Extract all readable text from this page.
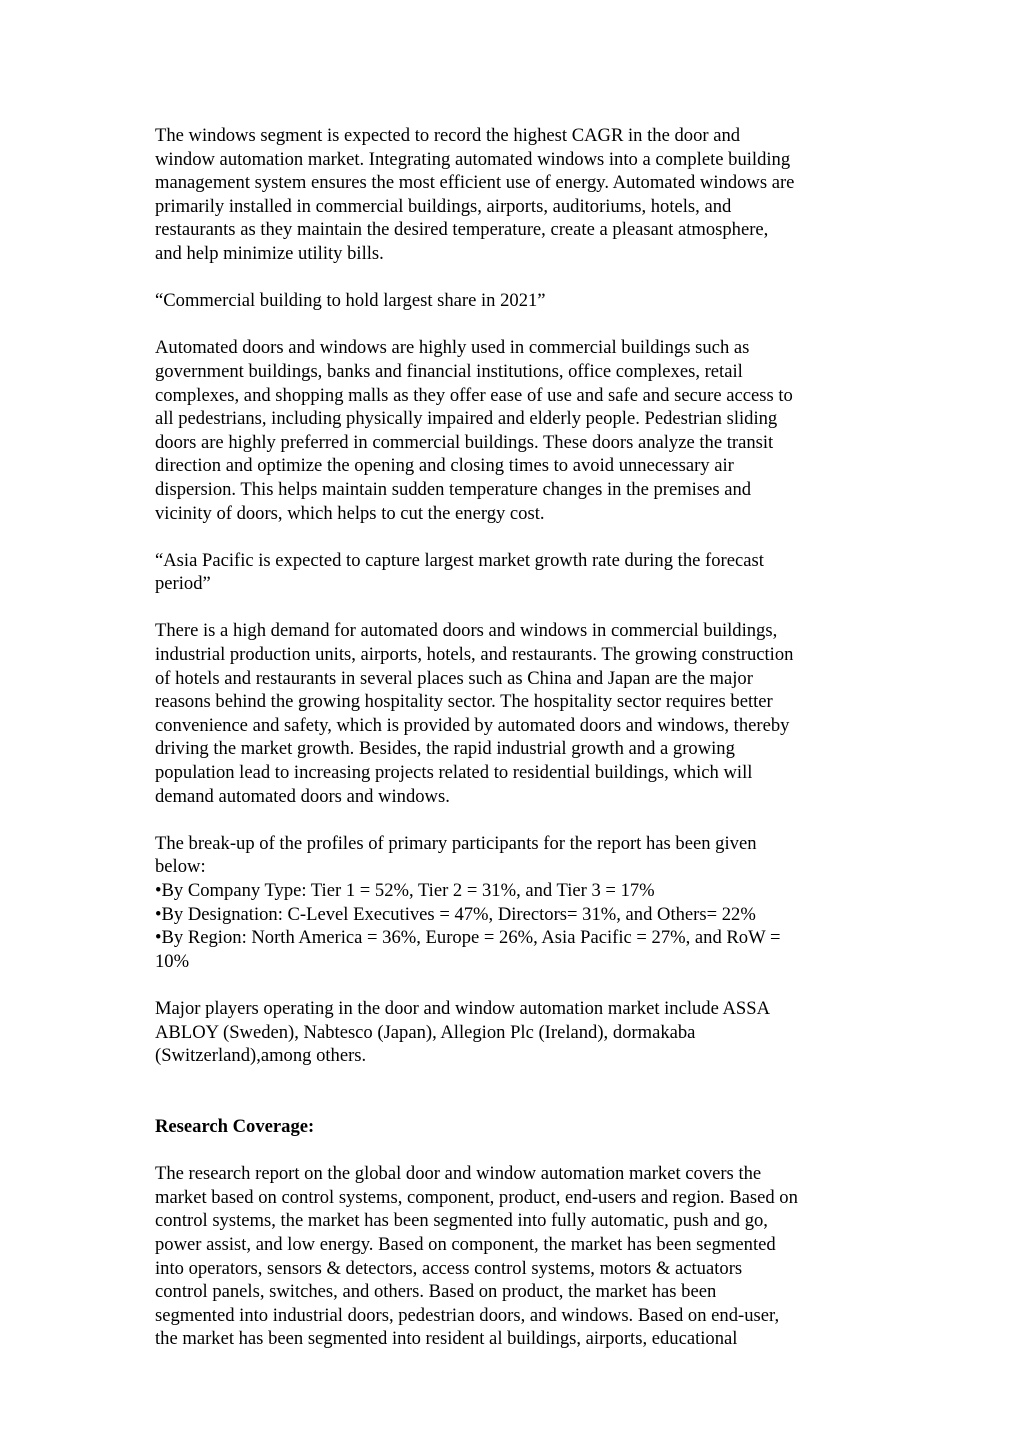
The windows segment is expected to record the highest CAGR in the door and
window automation market. Integrating automated windows into a complete building
management system ensures the most efficient use of energy. Automated windows are
primarily installed in commercial buildings, airports, auditoriums, hotels, and
restaurants as they maintain the desired temperature, create a pleasant atmosphere,
and help minimize utility bills.

“Commercial building to hold largest share in 2021”

Automated doors and windows are highly used in commercial buildings such as
government buildings, banks and financial institutions, office complexes, retail
complexes, and shopping malls as they offer ease of use and safe and secure access to
all pedestrians, including physically impaired and elderly people. Pedestrian sliding
doors are highly preferred in commercial buildings. These doors analyze the transit
direction and optimize the opening and closing times to avoid unnecessary air
dispersion. This helps maintain sudden temperature changes in the premises and
vicinity of doors, which helps to cut the energy cost.

“Asia Pacific is expected to capture largest market growth rate during the forecast
period”

There is a high demand for automated doors and windows in commercial buildings,
industrial production units, airports, hotels, and restaurants. The growing construction
of hotels and restaurants in several places such as China and Japan are the major
reasons behind the growing hospitality sector. The hospitality sector requires better
convenience and safety, which is provided by automated doors and windows, thereby
driving the market growth. Besides, the rapid industrial growth and a growing
population lead to increasing projects related to residential buildings, which will
demand automated doors and windows.

The break-up of the profiles of primary participants for the report has been given
below:

•By Company Type: Tier 1 = 52%, Tier 2 = 31%, and Tier 3 = 17%

•By Designation: C-Level Executives = 47%, Directors= 31%, and Others= 22%

•By Region: North America = 36%, Europe = 26%, Asia Pacific = 27%, and RoW =
10%

Major players operating in the door and window automation market include ASSA
ABLOY (Sweden), Nabtesco (Japan), Allegion Plc (Ireland), dormakaba
(Switzerland),among others.

Research Coverage:

The research report on the global door and window automation market covers the
market based on control systems, component, product, end-users and region. Based on
control systems, the market has been segmented into fully automatic, push and go,
power assist, and low energy. Based on component, the market has been segmented
into operators, sensors & detectors, access control systems, motors & actuators
control panels, switches, and others. Based on product, the market has been
segmented into industrial doors, pedestrian doors, and windows. Based on end-user,
the market has been segmented into resident al buildings, airports, educational
